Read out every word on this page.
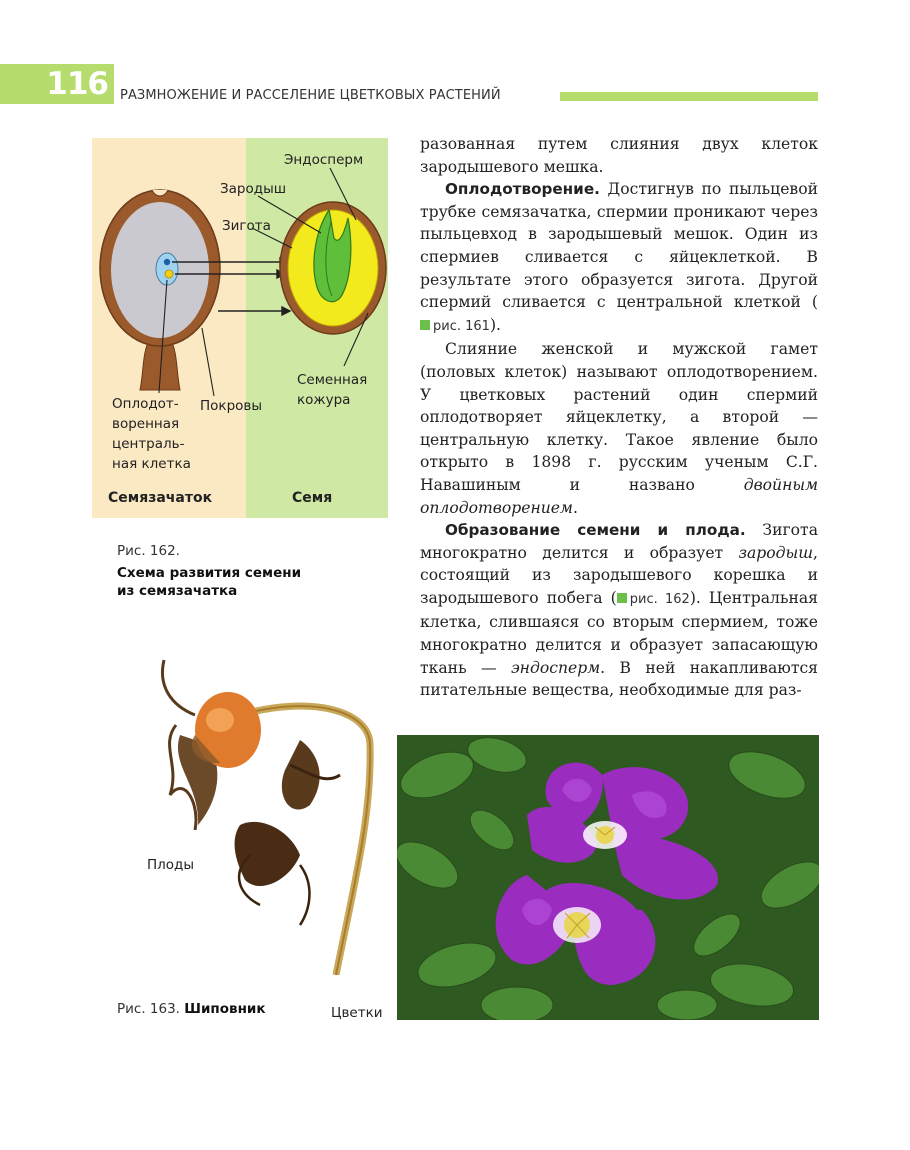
116 РАЗМНОЖЕНИЕ И РАССЕЛЕНИЕ ЦВЕТКОВЫХ РАСТЕНИЙ
Эндосперм
Зародыш
Зигота
Оплодот-
воренная
централь-
ная клетка
Покровы
Семенная
кожура
Семязачаток	Семя
Рис. 162.
Схема развития семени
из семязачатка

разованная путем слияния двух клеток зародышевого мешка.

Оплодотворение. Достигнув по пыльцевой трубке семязачатка, спермии проникают через пыльцевход в зародышевый мешок. Один из спермиев сливается с яйцеклеткой. В результате этого образуется зигота. Другой спермий сливается с центральной клеткой (рис. 161).

Слияние женской и мужской гамет (половых клеток) называют оплодотворением. У цветковых растений один спермий оплодотворяет яйцеклетку, а второй — центральную клетку. Такое явление было открыто в 1898 г. русским ученым С.Г. Навашиным и названо двойным оплодотворением.

Образование семени и плода. Зигота многократно делится и образует зародыш, состоящий из зародышевого корешка и зародышевого побега ( рис. 162). Центральная клетка, слившаяся со вторым спермием, тоже многократно делится и образует запасающую ткань — эндосперм. В ней накапливаются питательные вещества, необходимые для раз-

Плоды
Цветки
Рис. 163. Шиповник
